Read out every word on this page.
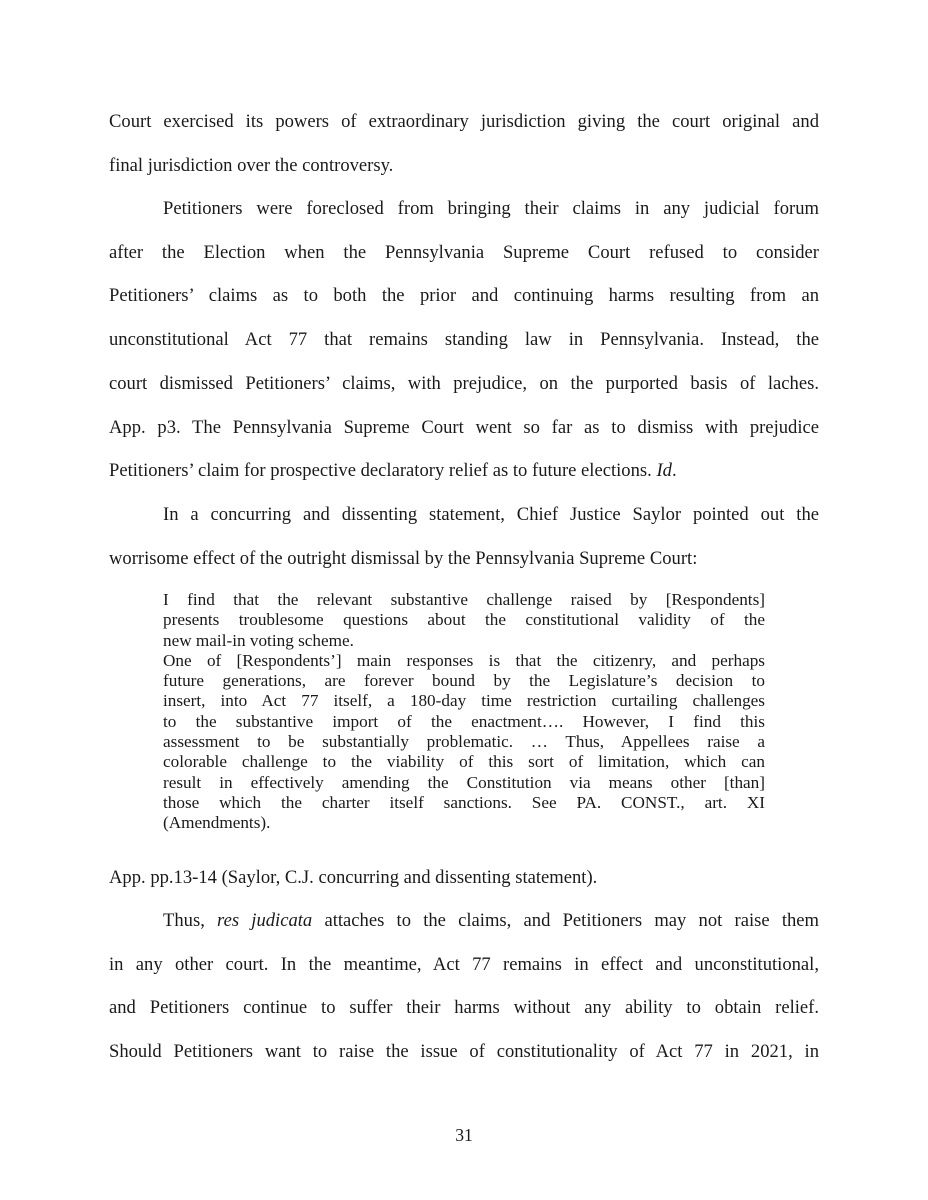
Court exercised its powers of extraordinary jurisdiction giving the court original and
final jurisdiction over the controversy.
Petitioners were foreclosed from bringing their claims in any judicial forum
after the Election when the Pennsylvania Supreme Court refused to consider
Petitioners’ claims as to both the prior and continuing harms resulting from an
unconstitutional Act 77 that remains standing law in Pennsylvania. Instead, the
court dismissed Petitioners’ claims, with prejudice, on the purported basis of laches.
App. p3. The Pennsylvania Supreme Court went so far as to dismiss with prejudice
Petitioners’ claim for prospective declaratory relief as to future elections. Id.
In a concurring and dissenting statement, Chief Justice Saylor pointed out the
worrisome effect of the outright dismissal by the Pennsylvania Supreme Court:
I find that the relevant substantive challenge raised by [Respondents]
presents troublesome questions about the constitutional validity of the
new mail-in voting scheme.
One of [Respondents’] main responses is that the citizenry, and perhaps
future generations, are forever bound by the Legislature’s decision to
insert, into Act 77 itself, a 180-day time restriction curtailing challenges
to the substantive import of the enactment…. However, I find this
assessment to be substantially problematic. … Thus, Appellees raise a
colorable challenge to the viability of this sort of limitation, which can
result in effectively amending the Constitution via means other [than]
those which the charter itself sanctions. See PA. CONST., art. XI
(Amendments).
App. pp.13-14 (Saylor, C.J. concurring and dissenting statement).
Thus, res judicata attaches to the claims, and Petitioners may not raise them
in any other court. In the meantime, Act 77 remains in effect and unconstitutional,
and Petitioners continue to suffer their harms without any ability to obtain relief.
Should Petitioners want to raise the issue of constitutionality of Act 77 in 2021, in
31
